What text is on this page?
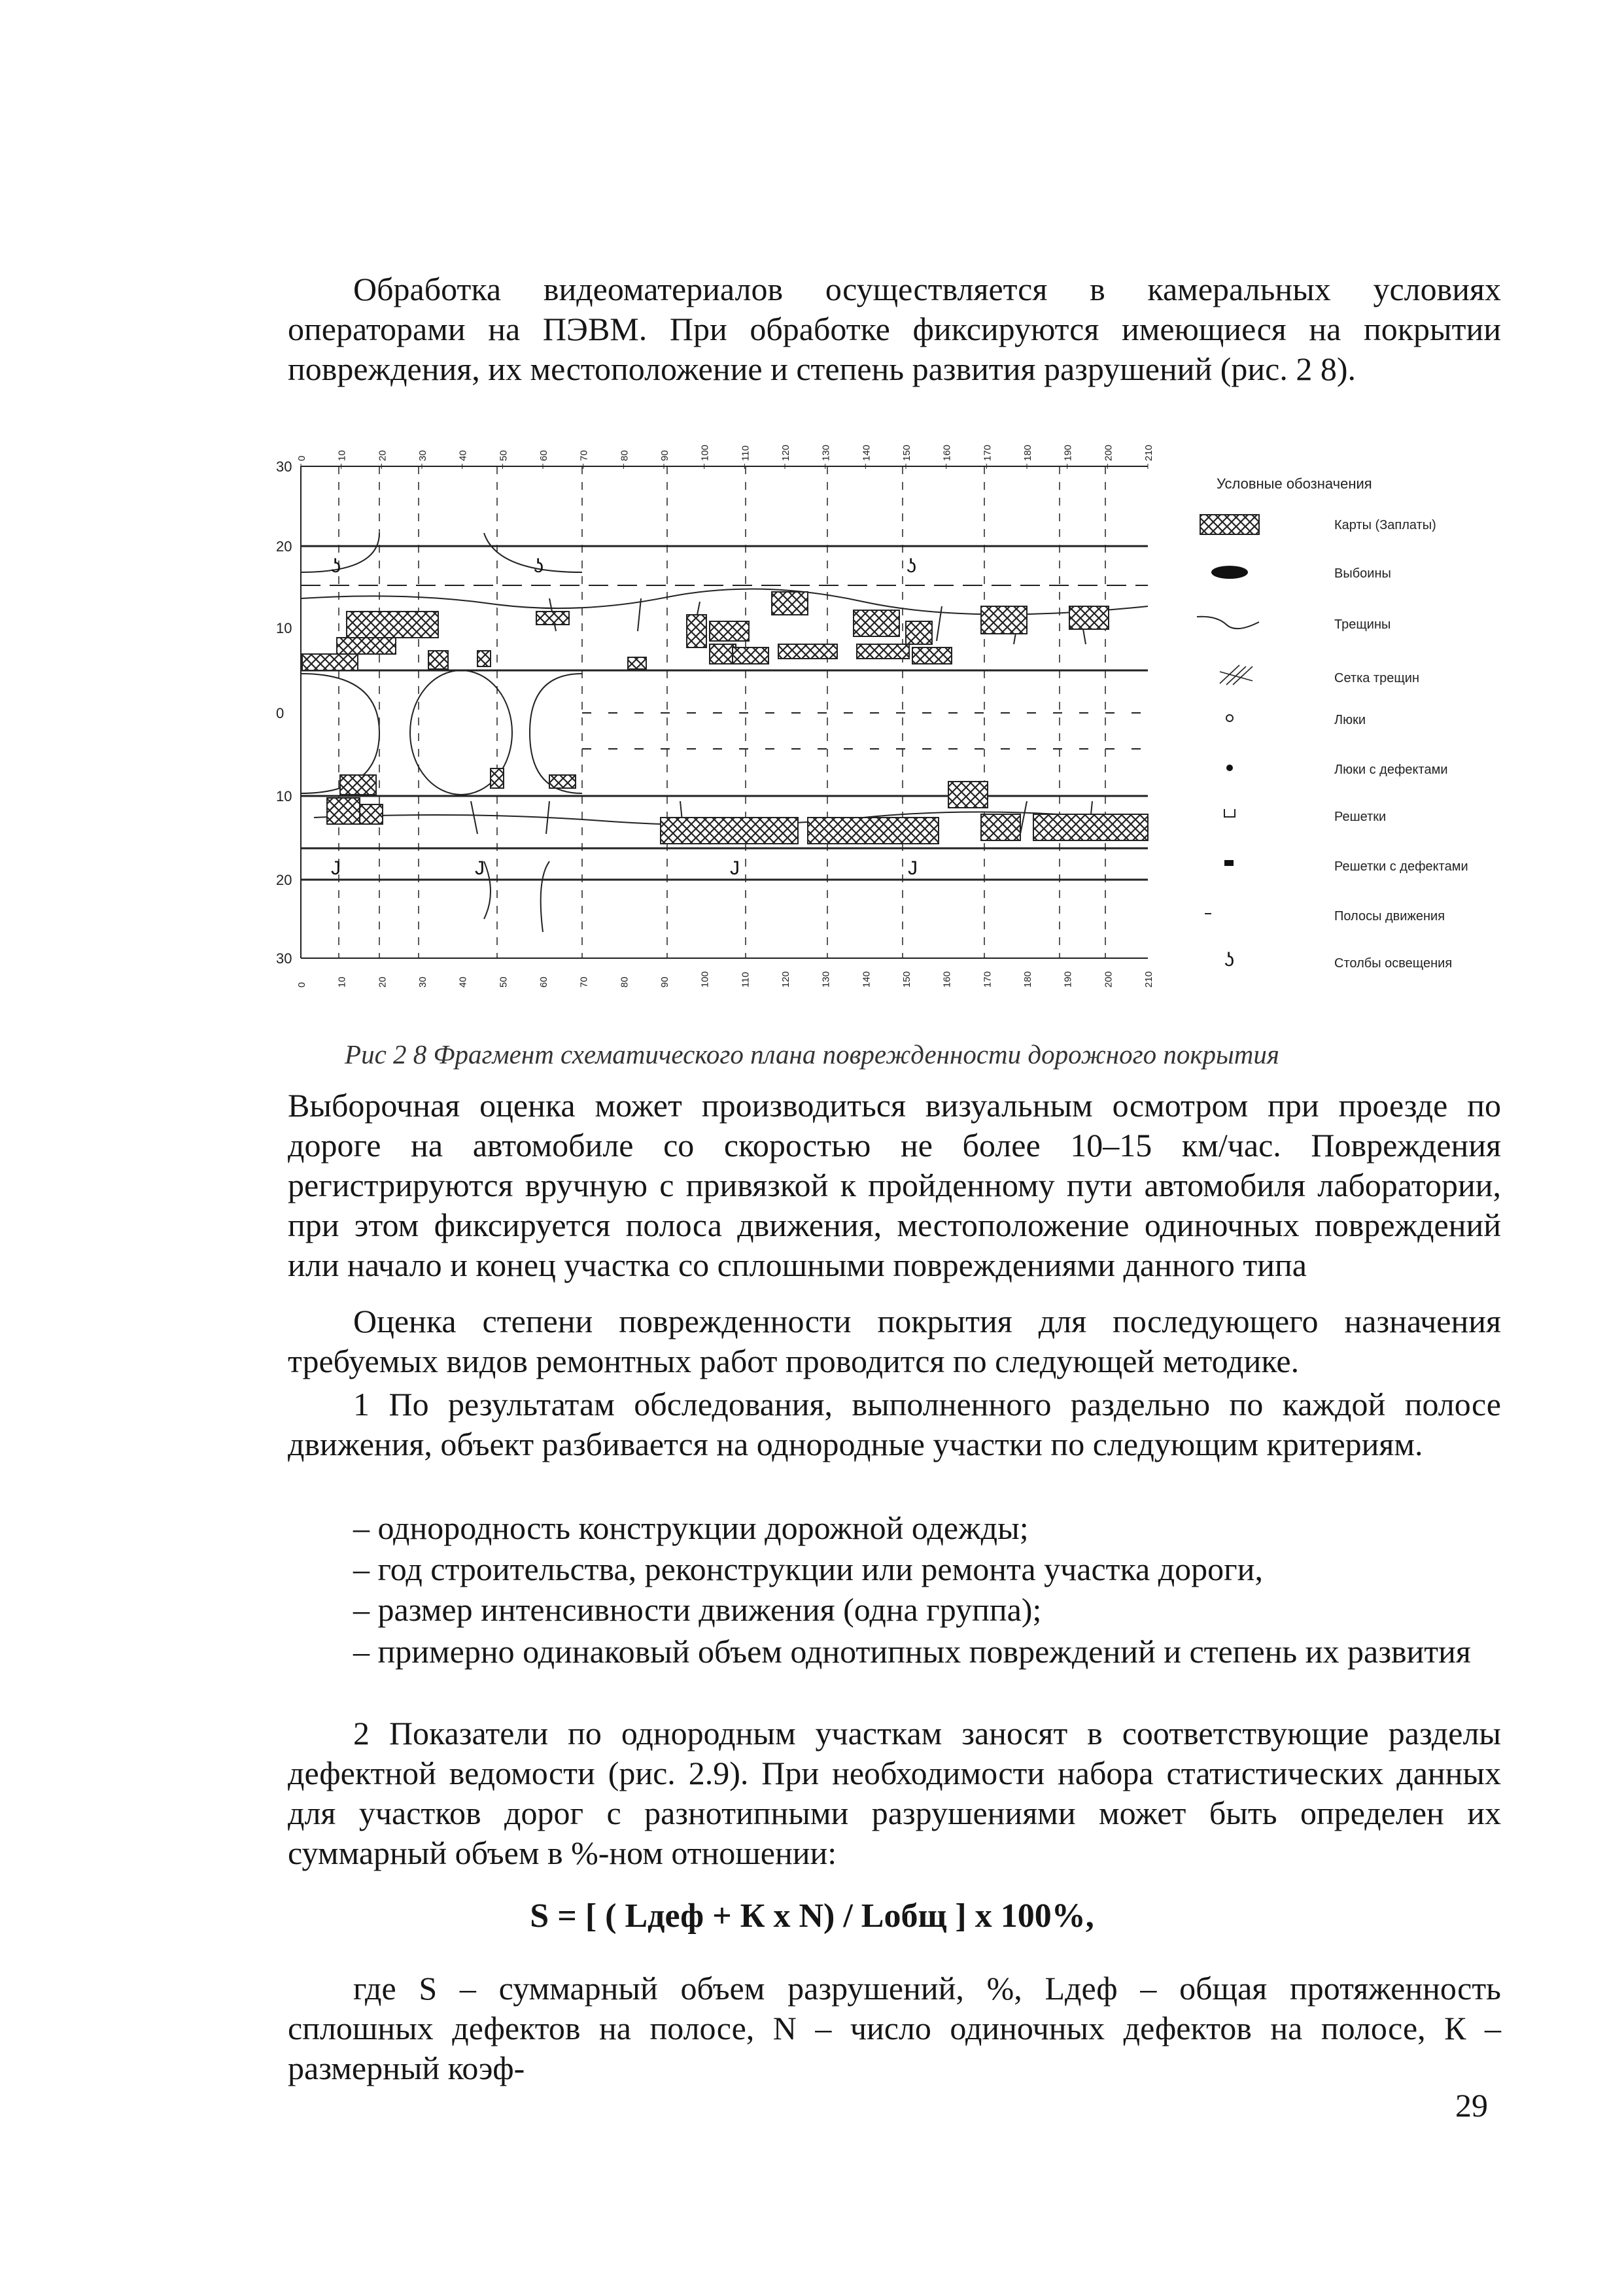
Обработка видеоматериалов осуществляется в камеральных условиях операторами на ПЭВМ. При обработке фиксируются имеющиеся на покрытии повреждения, их местоположение и степень развития разрушений (рис. 2 8).
0	10	20	30	40	50	60	70	80	90	100	110	120	130	140	150	160	170	180	190	200	210
0	10	20	30	40	50	60	70	80	90	100	110	120	130	140	150	160	170	180	190	200	210
30
20
10
0
10
20
30
ʖ	ʖ	ʖ
J	J	J	J
Условные обозначения
Карты (Заплаты)
Выбоины
Трещины
Сетка трещин
Люки
Люки с дефектами
Решетки
Решетки с дефектами
Полосы движения
ʖ	Столбы освещения
Рис 2 8 Фрагмент схематического плана поврежденности дорожного покрытия
Выборочная оценка может производиться визуальным осмотром при проезде по дороге на автомобиле со скоростью не более 10–15 км/час. Повреждения регистрируются вручную с привязкой к пройденному пути автомобиля лаборатории, при этом фиксируется полоса движения, местоположение одиночных повреждений или начало и конец участка со сплошными повреждениями данного типа
Оценка степени поврежденности покрытия для последующего назначения требуемых видов ремонтных работ проводится по следующей методике.
1 По результатам обследования, выполненного раздельно по каждой полосе движения, объект разбивается на однородные участки по следующим критериям.
– однородность конструкции дорожной одежды;
– год строительства, реконструкции или ремонта участка дороги,
– размер интенсивности движения (одна группа);
– примерно одинаковый объем однотипных повреждений и степень их развития
2 Показатели по однородным участкам заносят в соответствующие разделы дефектной ведомости (рис. 2.9). При необходимости набора статистических данных для участков дорог с разнотипными разрушениями может быть определен их суммарный объем в %-ном отношении:
S = [ ( Lдеф + К x N) / Lобщ ] x 100%,
где S – суммарный объем разрушений, %, Lдеф – общая протяженность сплошных дефектов на полосе, N – число одиночных дефектов на полосе, К – размерный коэф-
29
